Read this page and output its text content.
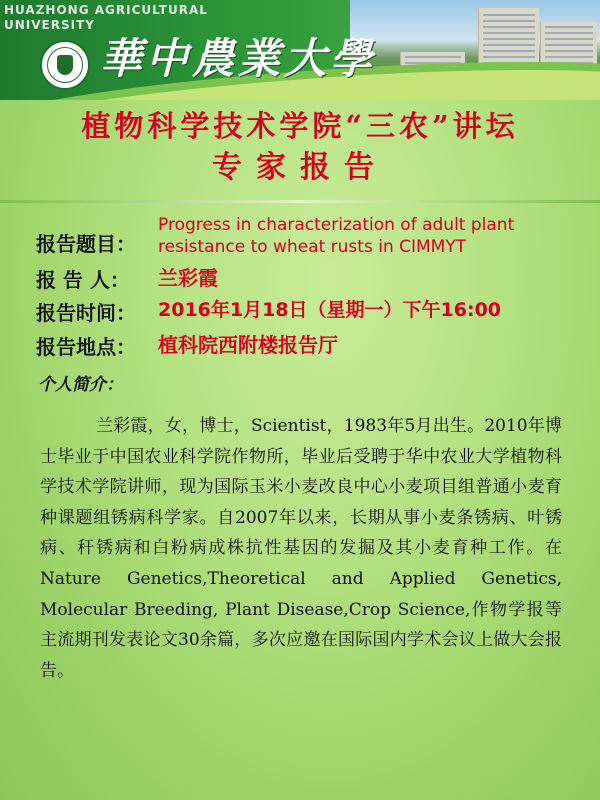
HUAZHONG AGRICULTURAL UNIVERSITY
華中農業大學
植物科学技术学院“三农”讲坛
专家报告
报告题目：
Progress in characterization of adult plant resistance to wheat rusts in CIMMYT
报 告 人： 兰彩霞
报告时间： 2016年1月18日（星期一）下午16:00
报告地点： 植科院西附楼报告厅
个人简介：

兰彩霞，女，博士，Scientist，1983年5月出生。2010年博士毕业于中国农业科学院作物所，毕业后受聘于华中农业大学植物科学技术学院讲师，现为国际玉米小麦改良中心小麦项目组普通小麦育种课题组锈病科学家。自2007年以来，长期从事小麦条锈病、叶锈病、秆锈病和白粉病成株抗性基因的发掘及其小麦育种工作。在Nature Genetics,Theoretical and Applied Genetics, Molecular Breeding, Plant Disease,Crop Science,作物学报等主流期刊发表论文30余篇，多次应邀在国际国内学术会议上做大会报告。
